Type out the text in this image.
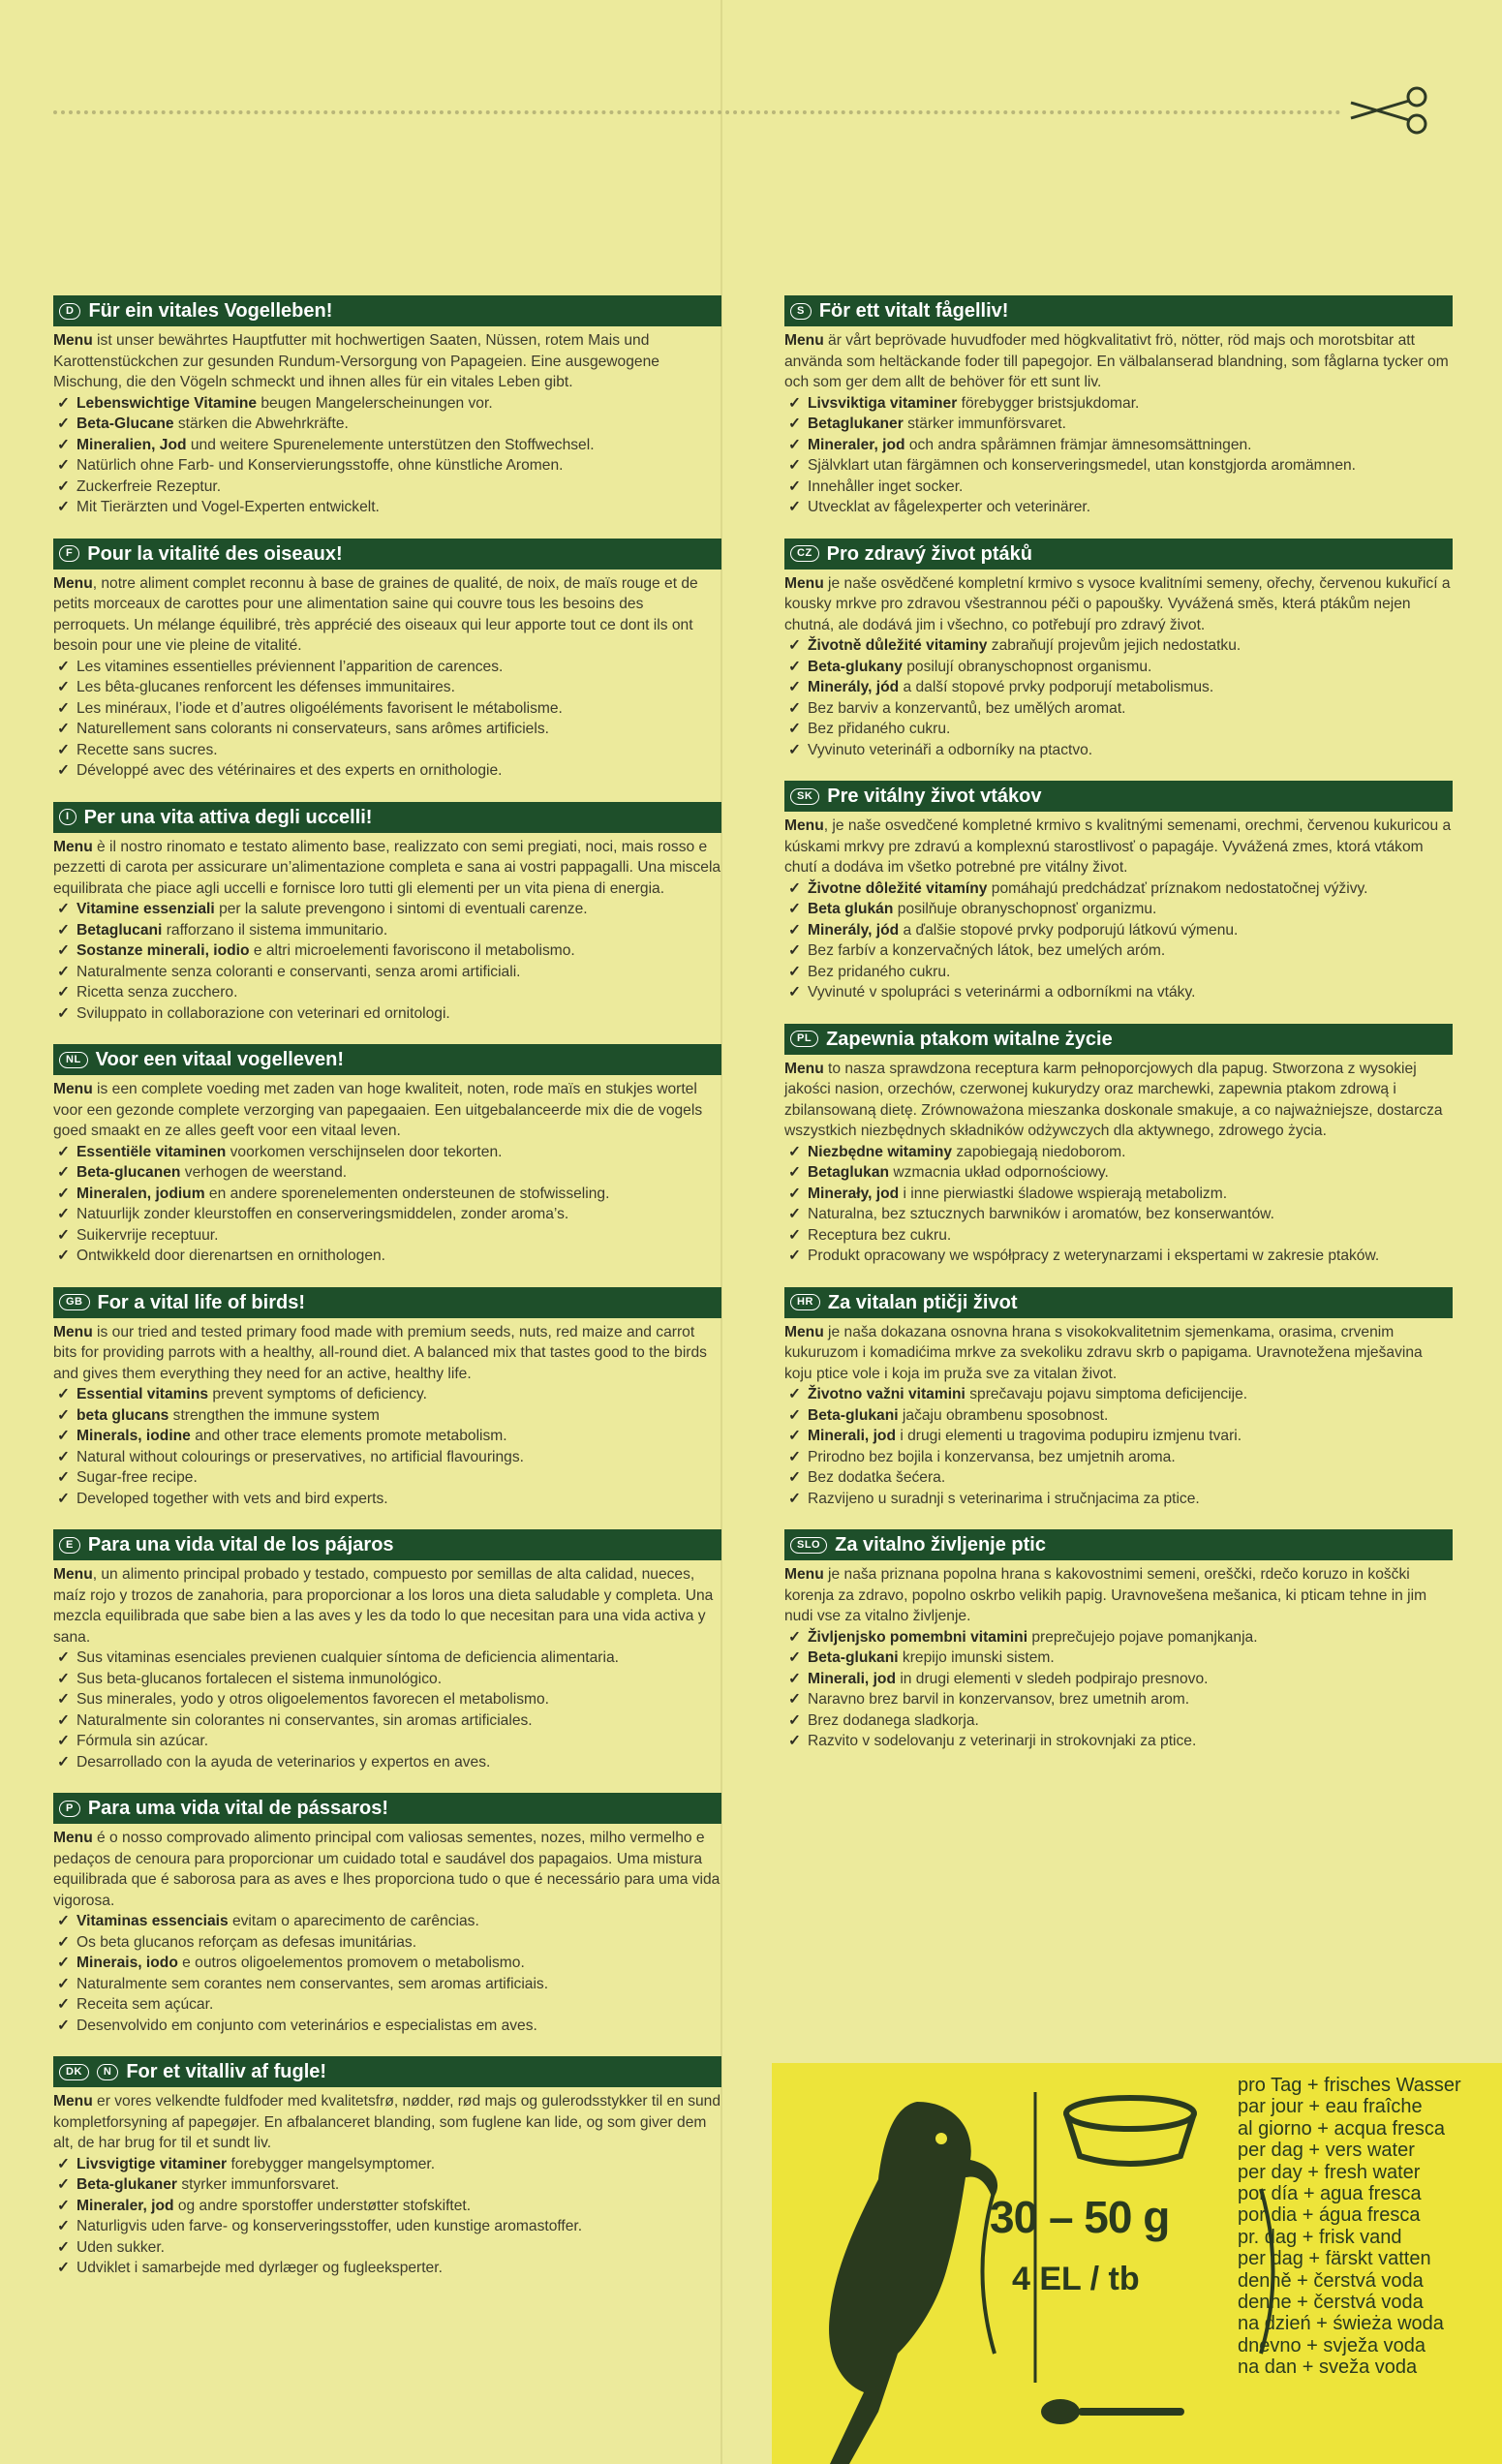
D Für ein vitales Vogelleben!

Menu ist unser bewährtes Hauptfutter mit hochwertigen Saaten, Nüssen, rotem Mais und Karottenstückchen zur gesunden Rundum-Versorgung von Papageien. Eine ausgewogene Mischung, die den Vögeln schmeckt und ihnen alles für ein vitales Leben gibt.

✓ Lebenswichtige Vitamine beugen Mangelerscheinungen vor.
✓ Beta-Glucane stärken die Abwehrkräfte.
✓ Mineralien, Jod und weitere Spurenelemente unterstützen den Stoffwechsel.
✓ Natürlich ohne Farb- und Konservierungsstoffe, ohne künstliche Aromen.
✓ Zuckerfreie Rezeptur.
✓ Mit Tierärzten und Vogel-Experten entwickelt.
F Pour la vitalité des oiseaux!

Menu, notre aliment complet reconnu à base de graines de qualité, de noix, de maïs rouge et de petits morceaux de carottes pour une alimentation saine qui couvre tous les besoins des perroquets. Un mélange équilibré, très apprécié des oiseaux qui leur apporte tout ce dont ils ont besoin pour une vie pleine de vitalité.

✓ Les vitamines essentielles préviennent l’apparition de carences.
✓ Les bêta-glucanes renforcent les défenses immunitaires.
✓ Les minéraux, l’iode et d’autres oligoéléments favorisent le métabolisme.
✓ Naturellement sans colorants ni conservateurs, sans arômes artificiels.
✓ Recette sans sucres.
✓ Développé avec des vétérinaires et des experts en ornithologie.
I Per una vita attiva degli uccelli!

Menu è il nostro rinomato e testato alimento base, realizzato con semi pregiati, noci, mais rosso e pezzetti di carota per assicurare un’alimentazione completa e sana ai vostri pappagalli. Una miscela equilibrata che piace agli uccelli e fornisce loro tutti gli elementi per un vita piena di energia.

✓ Vitamine essenziali per la salute prevengono i sintomi di eventuali carenze.
✓ Betaglucani rafforzano il sistema immunitario.
✓ Sostanze minerali, iodio e altri microelementi favoriscono il metabolismo.
✓ Naturalmente senza coloranti e conservanti, senza aromi artificiali.
✓ Ricetta senza zucchero.
✓ Sviluppato in collaborazione con veterinari ed ornitologi.
NL Voor een vitaal vogelleven!

Menu is een complete voeding met zaden van hoge kwaliteit, noten, rode maïs en stukjes wortel voor een gezonde complete verzorging van papegaaien. Een uitgebalanceerde mix die de vogels goed smaakt en ze alles geeft voor een vitaal leven.

✓ Essentiële vitaminen voorkomen verschijnselen door tekorten.
✓ Beta-glucanen verhogen de weerstand.
✓ Mineralen, jodium en andere sporenelementen ondersteunen de stofwisseling.
✓ Natuurlijk zonder kleurstoffen en conserveringsmiddelen, zonder aroma’s.
✓ Suikervrije receptuur.
✓ Ontwikkeld door dierenartsen en ornithologen.
GB For a vital life of birds!

Menu is our tried and tested primary food made with premium seeds, nuts, red maize and carrot bits for providing parrots with a healthy, all-round diet. A balanced mix that tastes good to the birds and gives them everything they need for an active, healthy life.

✓ Essential vitamins prevent symptoms of deficiency.
✓ beta glucans strengthen the immune system
✓ Minerals, iodine and other trace elements promote metabolism.
✓ Natural without colourings or preservatives, no artificial flavourings.
✓ Sugar-free recipe.
✓ Developed together with vets and bird experts.
E Para una vida vital de los pájaros

Menu, un alimento principal probado y testado, compuesto por semillas de alta calidad, nueces, maíz rojo y trozos de zanahoria, para proporcionar a los loros una dieta saludable y completa. Una mezcla equilibrada que sabe bien a las aves y les da todo lo que necesitan para una vida activa y sana.

✓ Sus vitaminas esenciales previenen cualquier síntoma de deficiencia alimentaria.
✓ Sus beta-glucanos fortalecen el sistema inmunológico.
✓ Sus minerales, yodo y otros oligoelementos favorecen el metabolismo.
✓ Naturalmente sin colorantes ni conservantes, sin aromas artificiales.
✓ Fórmula sin azúcar.
✓ Desarrollado con la ayuda de veterinarios y expertos en aves.
P Para uma vida vital de pássaros!

Menu é o nosso comprovado alimento principal com valiosas sementes, nozes, milho vermelho e pedaços de cenoura para proporcionar um cuidado total e saudável dos papagaios. Uma mistura equilibrada que é saborosa para as aves e lhes proporciona tudo o que é necessário para uma vida vigorosa.

✓ Vitaminas essenciais evitam o aparecimento de carências.
✓ Os beta glucanos reforçam as defesas imunitárias.
✓ Minerais, iodo e outros oligoelementos promovem o metabolismo.
✓ Naturalmente sem corantes nem conservantes, sem aromas artificiais.
✓ Receita sem açúcar.
✓ Desenvolvido em conjunto com veterinários e especialistas em aves.
DK	N For et vitalliv af fugle!

Menu er vores velkendte fuldfoder med kvalitetsfrø, nødder, rød majs og gulerodsstykker til en sund kompletforsyning af papegøjer. En afbalanceret blanding, som fuglene kan lide, og som giver dem alt, de har brug for til et sundt liv.

✓ Livsvigtige vitaminer forebygger mangelsymptomer.
✓ Beta-glukaner styrker immunforsvaret.
✓ Mineraler, jod og andre sporstoffer understøtter stofskiftet.
✓ Naturligvis uden farve- og konserveringsstoffer, uden kunstige aromastoffer.
✓ Uden sukker.
✓ Udviklet i samarbejde med dyrlæger og fugleeksperter.
S För ett vitalt fågelliv!

Menu är vårt beprövade huvudfoder med högkvalitativt frö, nötter, röd majs och morotsbitar att använda som heltäckande foder till papegojor. En välbalanserad blandning, som fåglarna tycker om och som ger dem allt de behöver för ett sunt liv.

✓ Livsviktiga vitaminer förebygger bristsjukdomar.
✓ Betaglukaner stärker immunförsvaret.
✓ Mineraler, jod och andra spårämnen främjar ämnesomsättningen.
✓ Självklart utan färgämnen och konserveringsmedel, utan konstgjorda aromämnen.
✓ Innehåller inget socker.
✓ Utvecklat av fågelexperter och veterinärer.
CZ Pro zdravý život ptáků

Menu je naše osvědčené kompletní krmivo s vysoce kvalitními semeny, ořechy, červenou kukuřicí a kousky mrkve pro zdravou všestrannou péči o papoušky. Vyvážená směs, která ptákům nejen chutná, ale dodává jim i všechno, co potřebují pro zdravý život.

✓ Životně důležité vitaminy zabraňují projevům jejich nedostatku.
✓ Beta-glukany posilují obranyschopnost organismu.
✓ Minerály, jód a další stopové prvky podporují metabolismus.
✓ Bez barviv a konzervantů, bez umělých aromat.
✓ Bez přidaného cukru.
✓ Vyvinuto veterináři a odborníky na ptactvo.
SK Pre vitálny život vtákov

Menu, je naše osvedčené kompletné krmivo s kvalitnými semenami, orechmi, červenou kukuricou a kúskami mrkvy pre zdravú a komplexnú starostlivosť o papagáje. Vyvážená zmes, ktorá vtákom chutí a dodáva im všetko potrebné pre vitálny život.

✓ Životne dôležité vitamíny pomáhajú predchádzať príznakom nedostatočnej výživy.
✓ Beta glukán posilňuje obranyschopnosť organizmu.
✓ Minerály, jód a ďalšie stopové prvky podporujú látkovú výmenu.
✓ Bez farbív a konzervačných látok, bez umelých aróm.
✓ Bez pridaného cukru.
✓ Vyvinuté v spolupráci s veterinármi a odborníkmi na vtáky.
PL Zapewnia ptakom witalne życie

Menu to nasza sprawdzona receptura karm pełnoporcjowych dla papug. Stworzona z wysokiej jakości nasion, orzechów, czerwonej kukurydzy oraz marchewki, zapewnia ptakom zdrową i zbilansowaną dietę. Zrównoważona mieszanka doskonale smakuje, a co najważniejsze, dostarcza wszystkich niezbędnych składników odżywczych dla aktywnego, zdrowego życia.

✓ Niezbędne witaminy zapobiegają niedoborom.
✓ Betaglukan wzmacnia układ odpornościowy.
✓ Minerały, jod i inne pierwiastki śladowe wspierają metabolizm.
✓ Naturalna, bez sztucznych barwników i aromatów, bez konserwantów.
✓ Receptura bez cukru.
✓ Produkt opracowany we współpracy z weterynarzami i ekspertami w zakresie ptaków.
HR Za vitalan ptičji život

Menu je naša dokazana osnovna hrana s visokokvalitetnim sjemenkama, orasima, crvenim kukuruzom i komadićima mrkve za svekoliku zdravu skrb o papigama. Uravnotežena mješavina koju ptice vole i koja im pruža sve za vitalan život.

✓ Životno važni vitamini sprečavaju pojavu simptoma deficijencije.
✓ Beta-glukani jačaju obrambenu sposobnost.
✓ Minerali, jod i drugi elementi u tragovima podupiru izmjenu tvari.
✓ Prirodno bez bojila i konzervansa, bez umjetnih aroma.
✓ Bez dodatka šećera.
✓ Razvijeno u suradnji s veterinarima i stručnjacima za ptice.
SLO Za vitalno življenje ptic

Menu je naša priznana popolna hrana s kakovostnimi semeni, oreščki, rdečo koruzo in koščki korenja za zdravo, popolno oskrbo velikih papig. Uravnovešena mešanica, ki pticam tehne in jim nudi vse za vitalno življenje.

✓ Življenjsko pomembni vitamini preprečujejo pojave pomanjkanja.
✓ Beta-glukani krepijo imunski sistem.
✓ Minerali, jod in drugi elementi v sledeh podpirajo presnovo.
✓ Naravno brez barvil in konzervansov, brez umetnih arom.
✓ Brez dodanega sladkorja.
✓ Razvito v sodelovanju z veterinarji in strokovnjaki za ptice.
30 – 50 g
4 EL / tb
pro Tag + frisches Wasser
par jour + eau fraîche
al giorno + acqua fresca
per dag + vers water
per day + fresh water
por día + agua fresca
por dia + água fresca
pr. dag + frisk vand
per dag + färskt vatten
denně + čerstvá voda
denne + čerstvá voda
na dzień + świeża woda
dnevno + svježa voda
na dan + sveža voda
